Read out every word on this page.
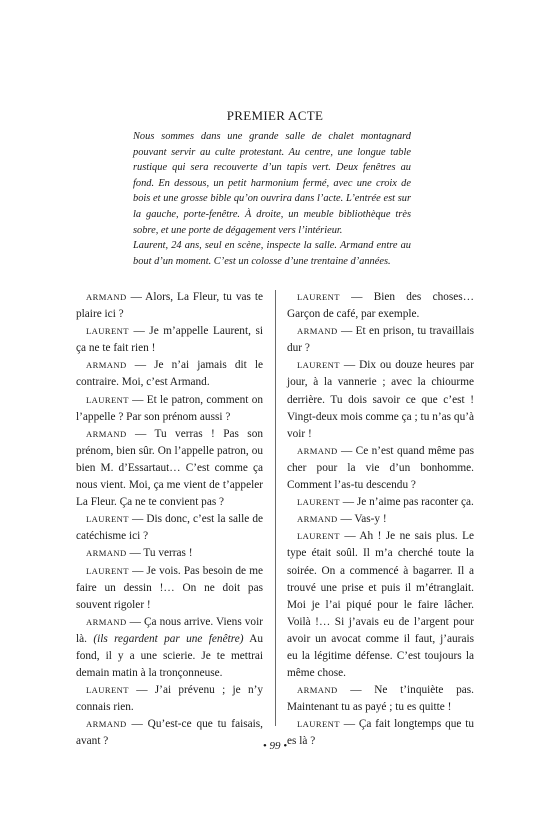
PREMIER ACTE

Nous sommes dans une grande salle de chalet montagnard pouvant servir au culte protestant. Au centre, une longue table rustique qui sera recouverte d’un tapis vert. Deux fenêtres au fond. En dessous, un petit harmonium fermé, avec une croix de bois et une grosse bible qu’on ouvrira dans l’acte. L’entrée est sur la gauche, porte-fenêtre. À droite, un meuble bibliothèque très sobre, et une porte de dégagement vers l’intérieur.

Laurent, 24 ans, seul en scène, inspecte la salle. Armand entre au bout d’un moment. C’est un colosse d’une trentaine d’années.

ARMAND — Alors, La Fleur, tu vas te plaire ici ?

LAURENT — Je m’appelle Laurent, si ça ne te fait rien !

ARMAND — Je n’ai jamais dit le contraire. Moi, c’est Armand.

LAURENT — Et le patron, comment on l’appelle ? Par son prénom aussi ?

ARMAND — Tu verras ! Pas son prénom, bien sûr. On l’appelle patron, ou bien M. d’Essartaut… C’est comme ça nous vient. Moi, ça me vient de t’appeler La Fleur. Ça ne te convient pas ?

LAURENT — Dis donc, c’est la salle de catéchisme ici ?

ARMAND — Tu verras !

LAURENT — Je vois. Pas besoin de me faire un dessin !… On ne doit pas souvent rigoler !

ARMAND — Ça nous arrive. Viens voir là. (ils regardent par une fenêtre) Au fond, il y a une scierie. Je te mettrai demain matin à la tronçonneuse.

LAURENT — J’ai prévenu ; je n’y connais rien.

ARMAND — Qu’est-ce que tu faisais, avant ?

LAURENT — Bien des choses… Garçon de café, par exemple.

ARMAND — Et en prison, tu travaillais dur ?

LAURENT — Dix ou douze heures par jour, à la vannerie ; avec la chiourme derrière. Tu dois savoir ce que c’est ! Vingt-deux mois comme ça ; tu n’as qu’à voir !

ARMAND — Ce n’est quand même pas cher pour la vie d’un bonhomme. Comment l’as-tu descendu ?

LAURENT — Je n’aime pas raconter ça.

ARMAND — Vas-y !

LAURENT — Ah ! Je ne sais plus. Le type était soûl. Il m’a cherché toute la soirée. On a commencé à bagarrer. Il a trouvé une prise et puis il m’étranglait. Moi je l’ai piqué pour le faire lâcher. Voilà !… Si j’avais eu de l’argent pour avoir un avocat comme il faut, j’aurais eu la légitime défense. C’est toujours la même chose.

ARMAND — Ne t’inquiète pas. Maintenant tu as payé ; tu es quitte !

LAURENT — Ça fait longtemps que tu es là ?

• 99 •
